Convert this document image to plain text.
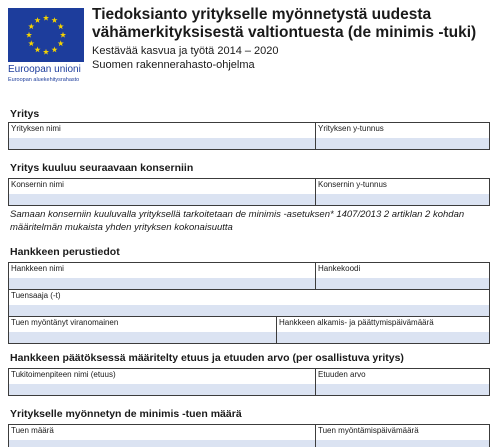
Euroopan unioni
Euroopan aluekehitysrahasto
Tiedoksianto yritykselle myönnetystä uudesta
vähämerkityksisestä valtiontuesta (de minimis -tuki)
Kestävää kasvua ja työtä 2014 – 2020
Suomen rakennerahasto-ohjelma
Yritys
Yrityksen nimi	Yrityksen y-tunnus
Yritys kuuluu seuraavaan konserniin
Konsernin nimi	Konsernin y-tunnus
Samaan konserniin kuuluvalla yrityksellä tarkoitetaan de minimis -asetuksen* 1407/2013 2 artiklan 2 kohdan määritelmän mukaista yhden yrityksen kokonaisuutta
Hankkeen perustiedot
Hankkeen nimi	Hankekoodi
Tuensaaja (-t)
Tuen myöntänyt viranomainen	Hankkeen alkamis- ja päättymispäivämäärä
Hankkeen päätöksessä määritelty etuus ja etuuden arvo (per osallistuva yritys)
Tukitoimenpiteen nimi (etuus)	Etuuden arvo
Yritykselle myönnetyn de minimis -tuen määrä
Tuen määrä	Tuen myöntämispäivämäärä
